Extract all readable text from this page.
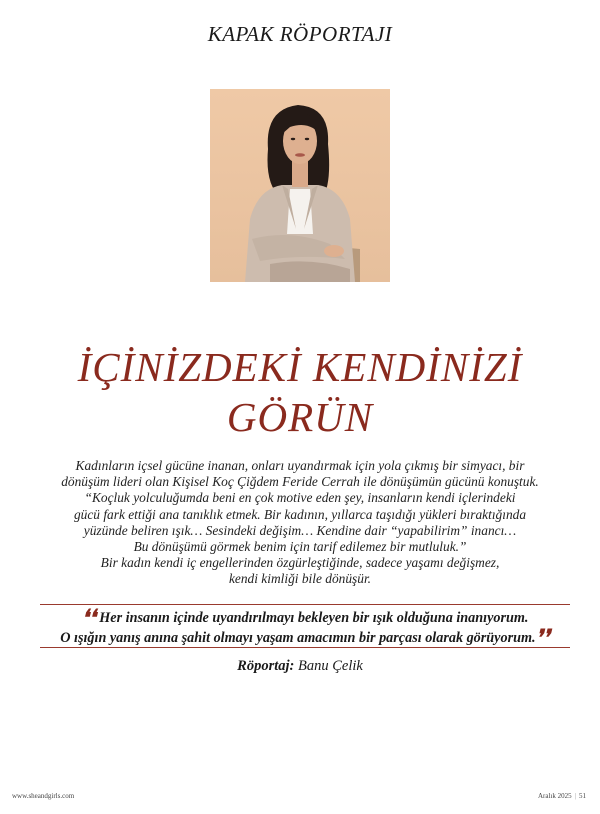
KAPAK RÖPORTAJI
İÇİNİZDEKİ KENDİNİZİ
GÖRÜN
Kadınların içsel gücüne inanan, onları uyandırmak için yola çıkmış bir simyacı, bir
dönüşüm lideri olan Kişisel Koç Çiğdem Feride Cerrah ile dönüşümün gücünü konuştuk.
“Koçluk yolculuğumda beni en çok motive eden şey, insanların kendi içlerindeki
gücü fark ettiği ana tanıklık etmek. Bir kadının, yıllarca taşıdığı yükleri bıraktığında
yüzünde beliren ışık… Sesindeki değişim… Kendine dair “yapabilirim” inancı…
Bu dönüşümü görmek benim için tarif edilemez bir mutluluk.”
Bir kadın kendi iç engellerinden özgürleştiğinde, sadece yaşamı değişmez,
kendi kimliği bile dönüşür.
❛❛ Her insanın içinde uyandırılmayı bekleyen bir ışık olduğuna inanıyorum.
O ışığın yanış anına şahit olmayı yaşam amacımın bir parçası olarak görüyorum.❜❜
Röportaj: Banu Çelik
www.sheandgirls.com	Aralık 2025 | 51
